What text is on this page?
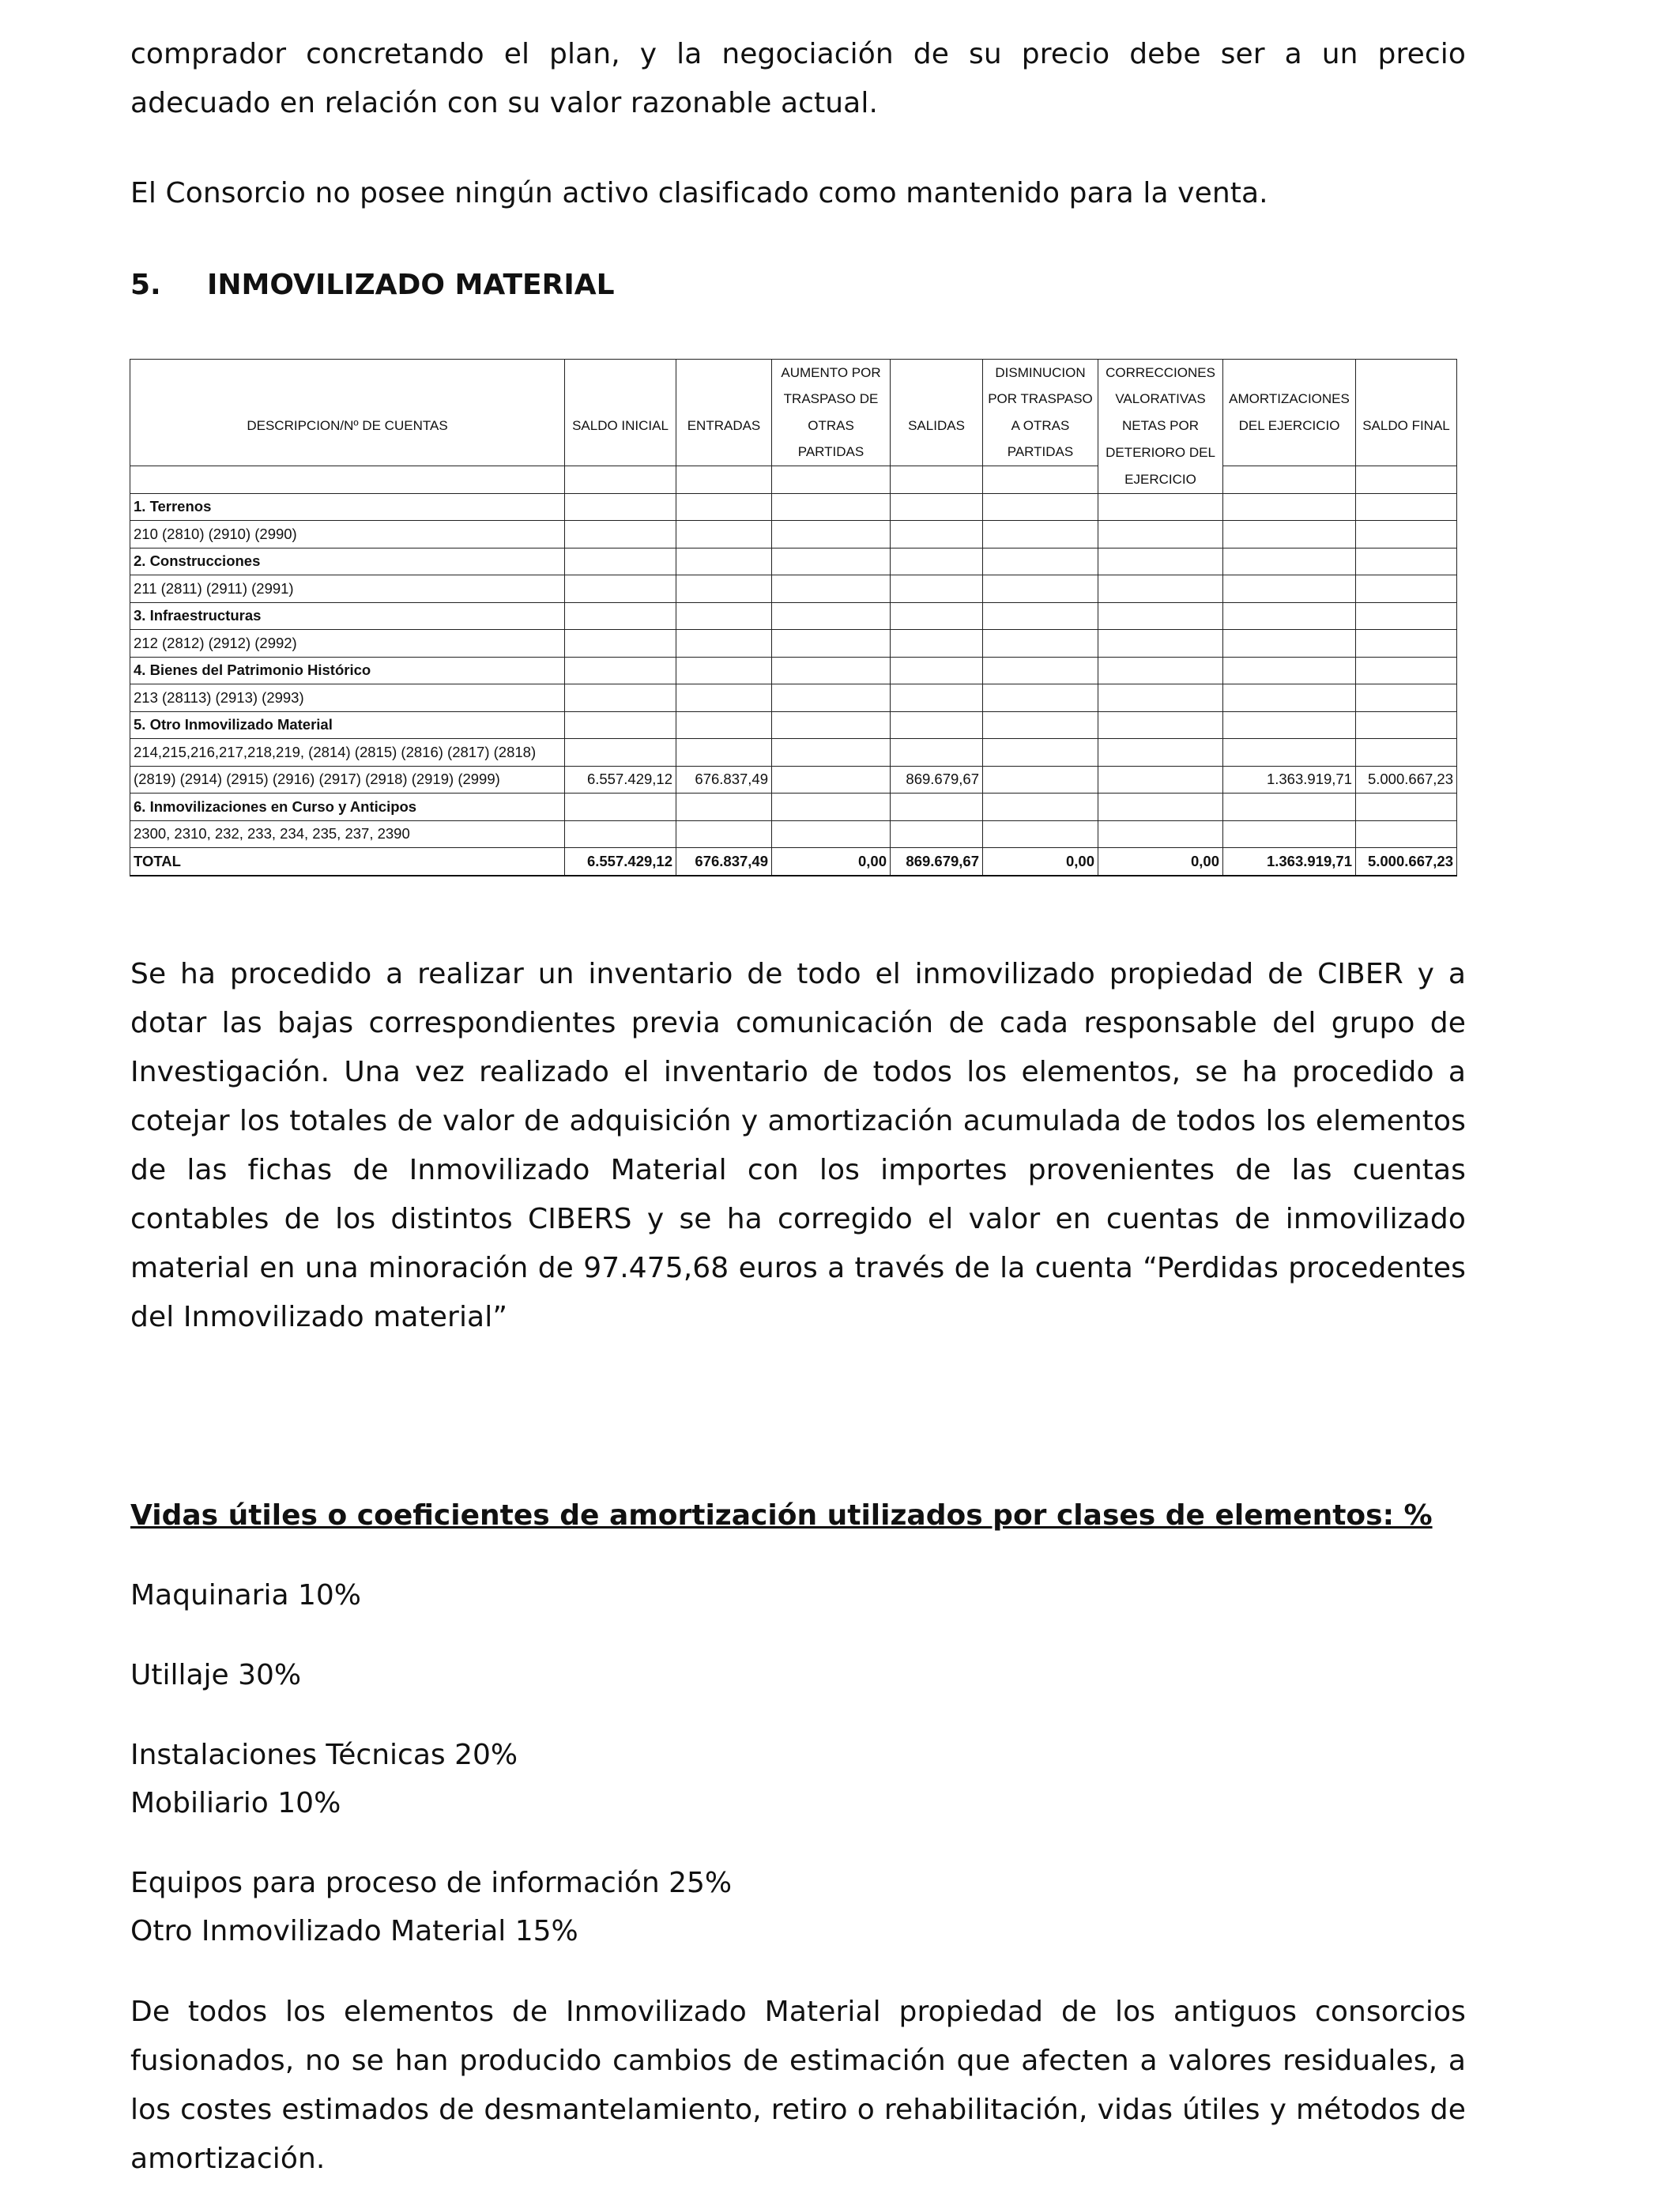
comprador concretando el plan, y la negociación de su precio debe ser a un precio adecuado en relación con su valor razonable actual.

El Consorcio no posee ningún activo clasificado como mantenido para la venta.

5. INMOVILIZADO MATERIAL

			AUMENTO POR		DISMINUCION	CORRECCIONES		
			TRASPASO DE		POR TRASPASO	VALORATIVAS	AMORTIZACIONES	
DESCRIPCION/Nº DE CUENTAS	SALDO INICIAL	ENTRADAS	OTRAS	SALIDAS	A OTRAS	NETAS POR	DEL EJERCICIO	SALDO FINAL
			PARTIDAS		PARTIDAS	DETERIORO DEL		
						EJERCICIO		
1. Terrenos								
210 (2810) (2910) (2990)								
2. Construcciones								
211 (2811) (2911) (2991)								
3. Infraestructuras								
212 (2812) (2912) (2992)								
4. Bienes del Patrimonio Histórico								
213 (28113) (2913) (2993)								
5. Otro Inmovilizado Material								
214,215,216,217,218,219, (2814) (2815) (2816) (2817) (2818)								
(2819) (2914) (2915) (2916) (2917) (2918) (2919) (2999)	6.557.429,12	676.837,49		869.679,67			1.363.919,71	5.000.667,23
6. Inmovilizaciones en Curso y Anticipos								
2300, 2310, 232, 233, 234, 235, 237, 2390								
TOTAL	6.557.429,12	676.837,49	0,00	869.679,67	0,00	0,00	1.363.919,71	5.000.667,23

Se ha procedido a realizar un inventario de todo el inmovilizado propiedad de CIBER y a dotar las bajas correspondientes previa comunicación de cada responsable del grupo de Investigación. Una vez realizado el inventario de todos los elementos, se ha procedido a cotejar los totales de valor de adquisición y amortización acumulada de todos los elementos de las fichas de Inmovilizado Material con los importes provenientes de las cuentas contables de los distintos CIBERS y se ha corregido el valor en cuentas de inmovilizado material en una minoración de 97.475,68 euros a través de la cuenta “Perdidas procedentes del Inmovilizado material”

Vidas útiles o coeficientes de amortización utilizados por clases de elementos: %

Maquinaria 10%

Utillaje 30%

Instalaciones Técnicas 20%

Mobiliario 10%

Equipos para proceso de información 25%

Otro Inmovilizado Material 15%

De todos los elementos de Inmovilizado Material propiedad de los antiguos consorcios fusionados, no se han producido cambios de estimación que afecten a valores residuales, a los costes estimados de desmantelamiento, retiro o rehabilitación, vidas útiles y métodos de amortización.
